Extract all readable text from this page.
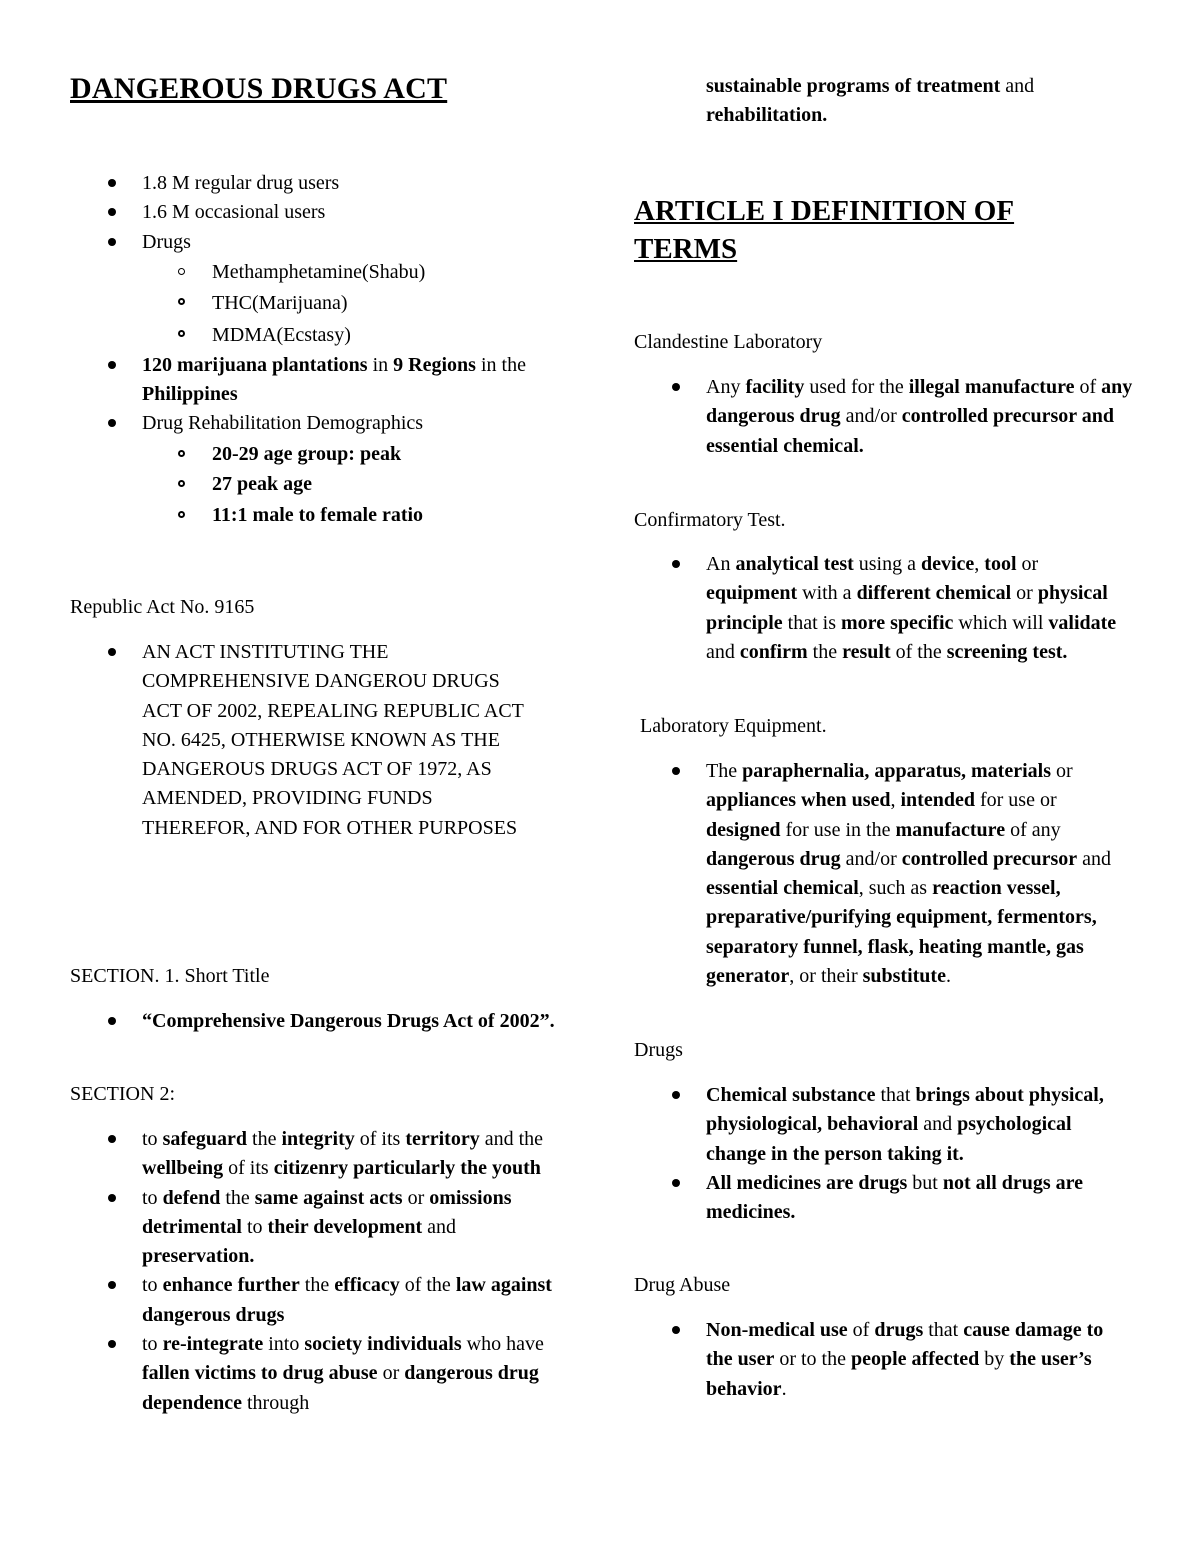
DANGEROUS DRUGS ACT
1.8 M regular drug users
1.6 M occasional users
Drugs
Methamphetamine(Shabu)
THC(Marijuana)
MDMA(Ecstasy)
120 marijuana plantations in 9 Regions in the Philippines
Drug Rehabilitation Demographics
20-29 age group: peak
27 peak age
11:1 male to female ratio

Republic Act No. 9165

AN ACT INSTITUTING THE COMPREHENSIVE DANGEROU DRUGS ACT OF 2002, REPEALING REPUBLIC ACT NO. 6425, OTHERWISE KNOWN AS THE DANGEROUS DRUGS ACT OF 1972, AS AMENDED, PROVIDING FUNDS THEREFOR, AND FOR OTHER PURPOSES

SECTION. 1. Short Title

“Comprehensive Dangerous Drugs Act of 2002”.

SECTION 2:

to safeguard the integrity of its territory and the wellbeing of its citizenry particularly the youth
to defend the same against acts or omissions detrimental to their development and preservation.
to enhance further the efficacy of the law against dangerous drugs
to re-integrate into society individuals who have fallen victims to drug abuse or dangerous drug dependence through

sustainable programs of treatment and rehabilitation.

ARTICLE I DEFINITION OF TERMS

Clandestine Laboratory

Any facility used for the illegal manufacture of any dangerous drug and/or controlled precursor and essential chemical.

Confirmatory Test.

An analytical test using a device, tool or equipment with a different chemical or physical principle that is more specific which will validate and confirm the result of the screening test.

Laboratory Equipment.

The paraphernalia, apparatus, materials or appliances when used, intended for use or designed for use in the manufacture of any dangerous drug and/or controlled precursor and essential chemical, such as reaction vessel, preparative/purifying equipment, fermentors, separatory funnel, flask, heating mantle, gas generator, or their substitute.

Drugs

Chemical substance that brings about physical, physiological, behavioral and psychological change in the person taking it.
All medicines are drugs but not all drugs are medicines.

Drug Abuse

Non-medical use of drugs that cause damage to the user or to the people affected by the user’s behavior.
